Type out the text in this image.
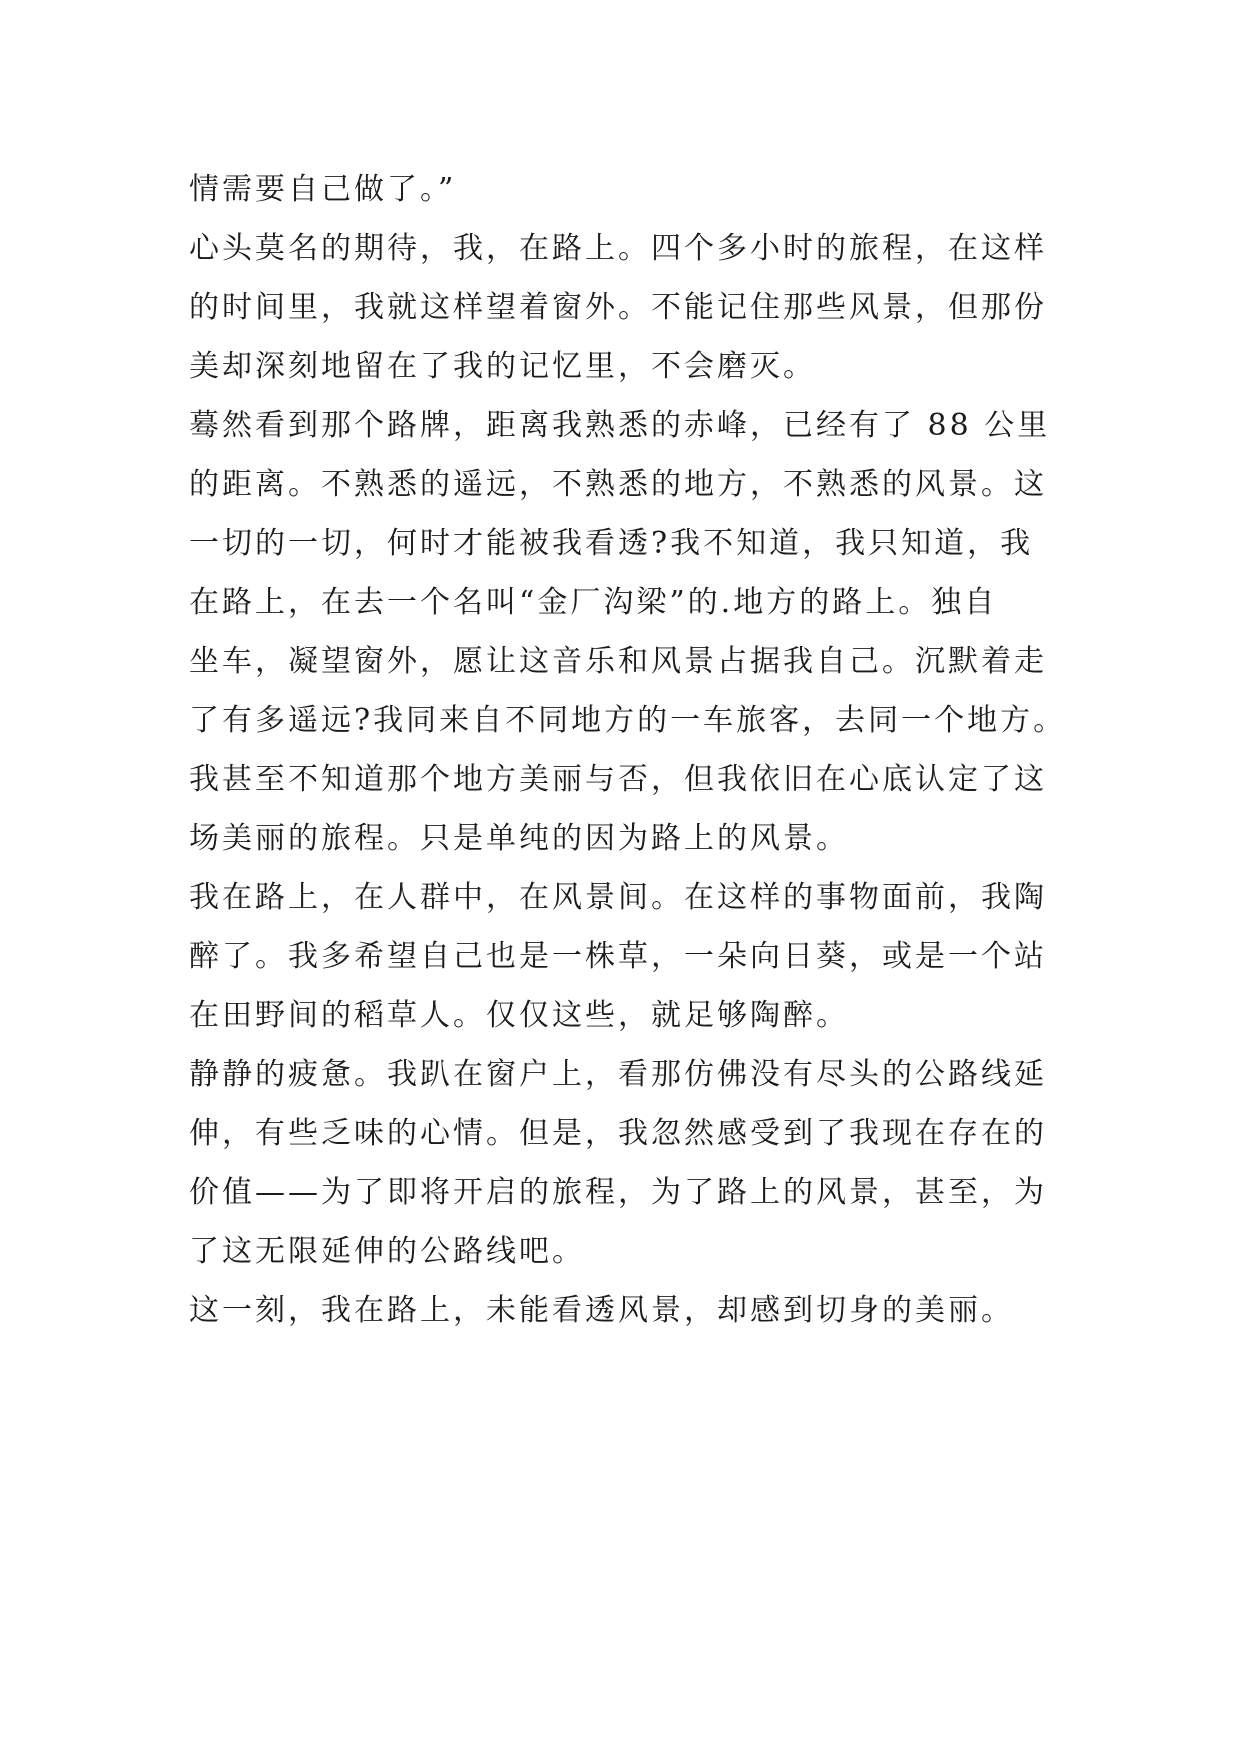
情需要自己做了。”
心头莫名的期待，我，在路上。四个多小时的旅程，在这样
的时间里，我就这样望着窗外。不能记住那些风景，但那份
美却深刻地留在了我的记忆里，不会磨灭。
蓦然看到那个路牌，距离我熟悉的赤峰，已经有了 88 公里
的距离。不熟悉的遥远，不熟悉的地方，不熟悉的风景。这
一切的一切，何时才能被我看透?我不知道，我只知道，我
在路上，在去一个名叫“金厂沟梁”的.地方的路上。独自
坐车，凝望窗外，愿让这音乐和风景占据我自己。沉默着走
了有多遥远?我同来自不同地方的一车旅客，去同一个地方。
我甚至不知道那个地方美丽与否，但我依旧在心底认定了这
场美丽的旅程。只是单纯的因为路上的风景。
我在路上，在人群中，在风景间。在这样的事物面前，我陶
醉了。我多希望自己也是一株草，一朵向日葵，或是一个站
在田野间的稻草人。仅仅这些，就足够陶醉。
静静的疲惫。我趴在窗户上，看那仿佛没有尽头的公路线延
伸，有些乏味的心情。但是，我忽然感受到了我现在存在的
价值——为了即将开启的旅程，为了路上的风景，甚至，为
了这无限延伸的公路线吧。
这一刻，我在路上，未能看透风景，却感到切身的美丽。
